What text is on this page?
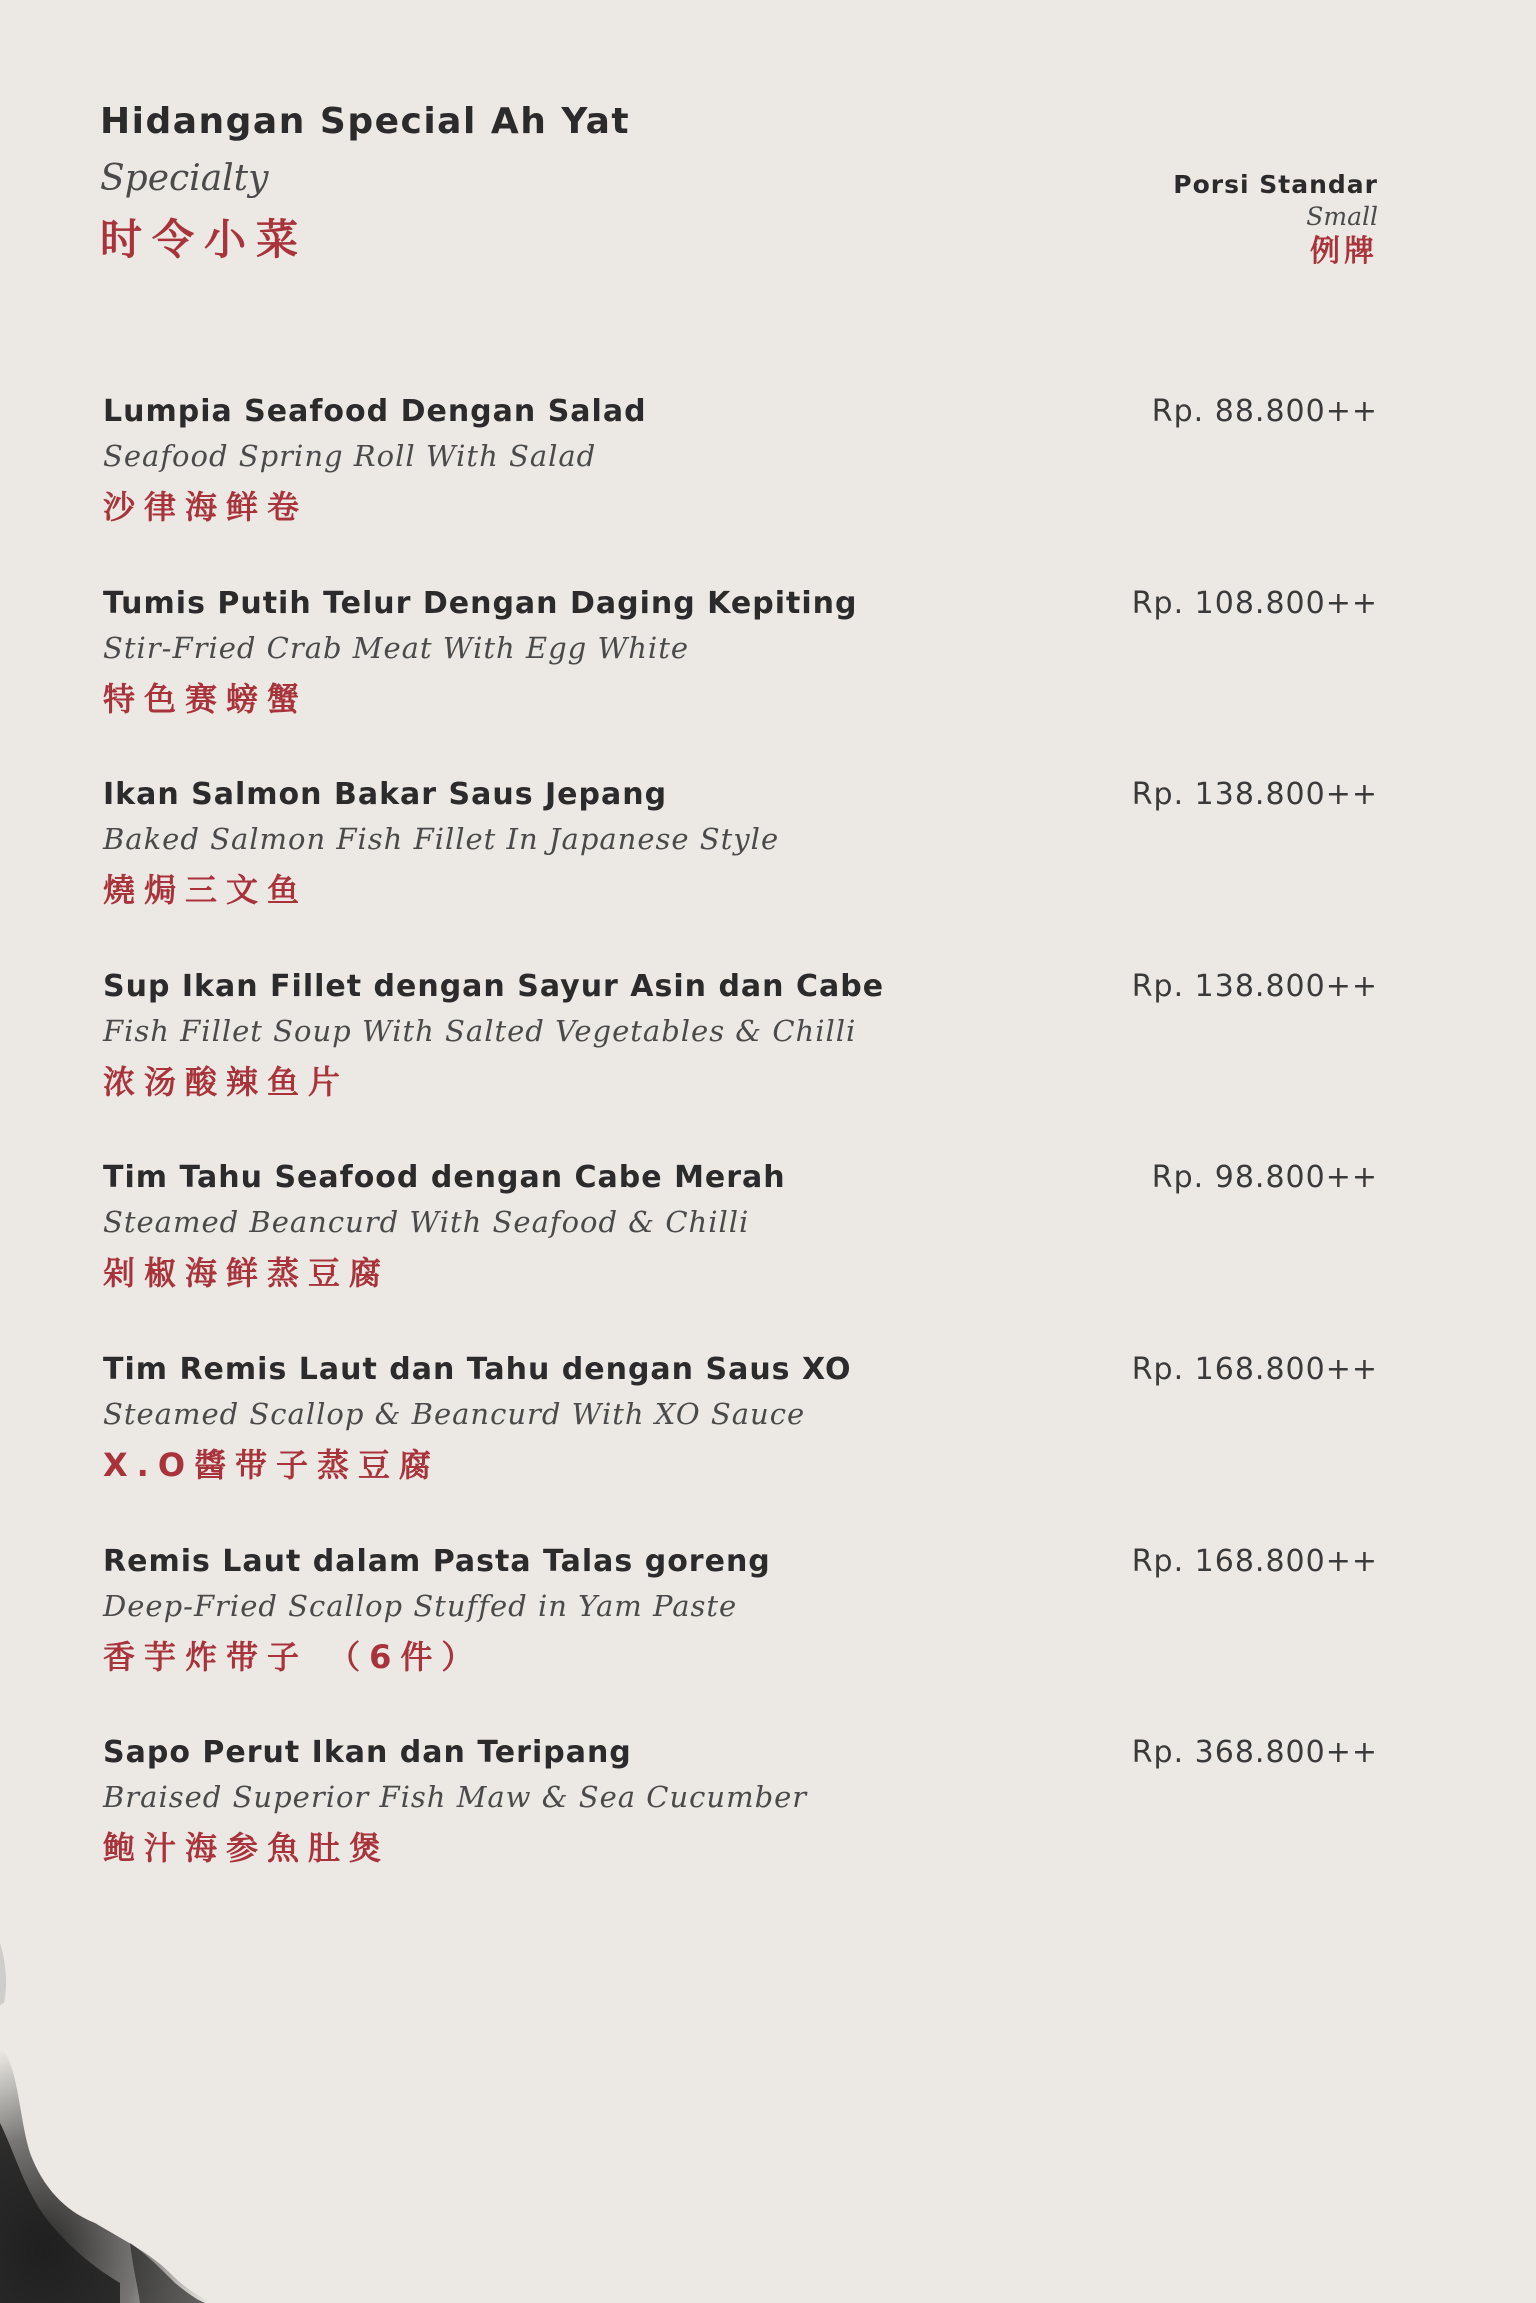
Hidangan Special Ah Yat
Specialty
时令小菜
Porsi Standar
Small
例牌
Lumpia Seafood Dengan Salad
Seafood Spring Roll With Salad
沙律海鲜卷
Rp. 88.800++
Tumis Putih Telur Dengan Daging Kepiting
Stir-Fried Crab Meat With Egg White
特色赛螃蟹
Rp. 108.800++
Ikan Salmon Bakar Saus Jepang
Baked Salmon Fish Fillet In Japanese Style
燒焗三文鱼
Rp. 138.800++
Sup Ikan Fillet dengan Sayur Asin dan Cabe
Fish Fillet Soup With Salted Vegetables & Chilli
浓汤酸辣鱼片
Rp. 138.800++
Tim Tahu Seafood dengan Cabe Merah
Steamed Beancurd With Seafood & Chilli
剁椒海鲜蒸豆腐
Rp. 98.800++
Tim Remis Laut dan Tahu dengan Saus XO
Steamed Scallop & Beancurd With XO Sauce
X.O醬带子蒸豆腐
Rp. 168.800++
Remis Laut dalam Pasta Talas goreng
Deep-Fried Scallop Stuffed in Yam Paste
香芋炸带子 （6件）
Rp. 168.800++
Sapo Perut Ikan dan Teripang
Braised Superior Fish Maw & Sea Cucumber
鲍汁海参魚肚煲
Rp. 368.800++
